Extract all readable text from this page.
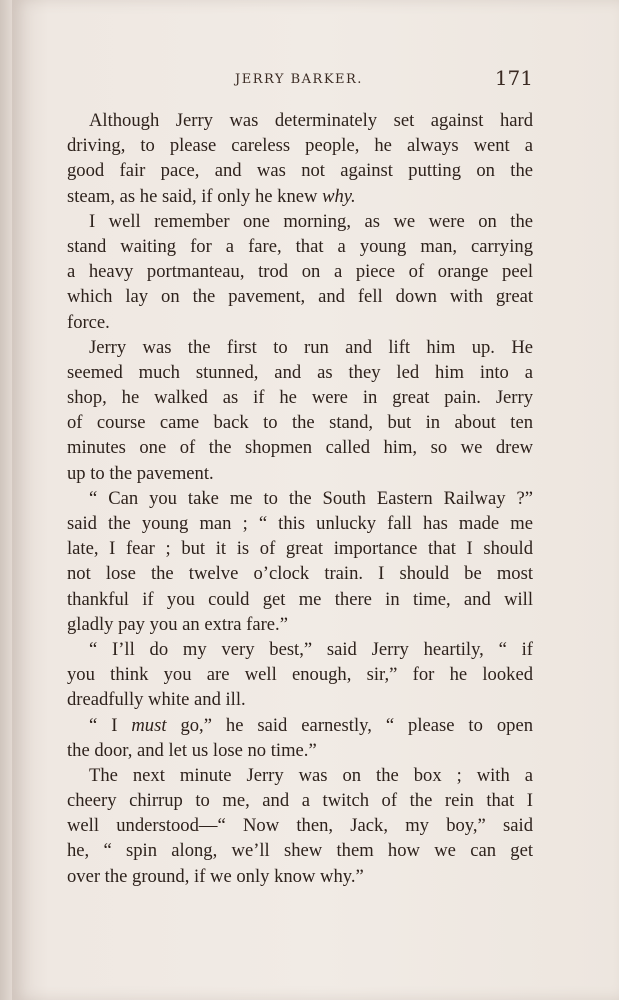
JERRY BARKER.	171
Although Jerry was determinately set against hard
driving, to please careless people, he always went a
good fair pace, and was not against putting on the
steam, as he said, if only he knew why.
I well remember one morning, as we were on the
stand waiting for a fare, that a young man, carrying
a heavy portmanteau, trod on a piece of orange peel
which lay on the pavement, and fell down with great
force.
Jerry was the first to run and lift him up. He
seemed much stunned, and as they led him into a
shop, he walked as if he were in great pain. Jerry
of course came back to the stand, but in about ten
minutes one of the shopmen called him, so we drew
up to the pavement.
“ Can you take me to the South Eastern Railway ?”
said the young man ; “ this unlucky fall has made me
late, I fear ; but it is of great importance that I should
not lose the twelve o’clock train. I should be most
thankful if you could get me there in time, and will
gladly pay you an extra fare.”
“ I’ll do my very best,” said Jerry heartily, “ if
you think you are well enough, sir,” for he looked
dreadfully white and ill.
“ I must go,” he said earnestly, “ please to open
the door, and let us lose no time.”
The next minute Jerry was on the box ; with a
cheery chirrup to me, and a twitch of the rein that I
well understood—“ Now then, Jack, my boy,” said
he, “ spin along, we’ll shew them how we can get
over the ground, if we only know why.”
